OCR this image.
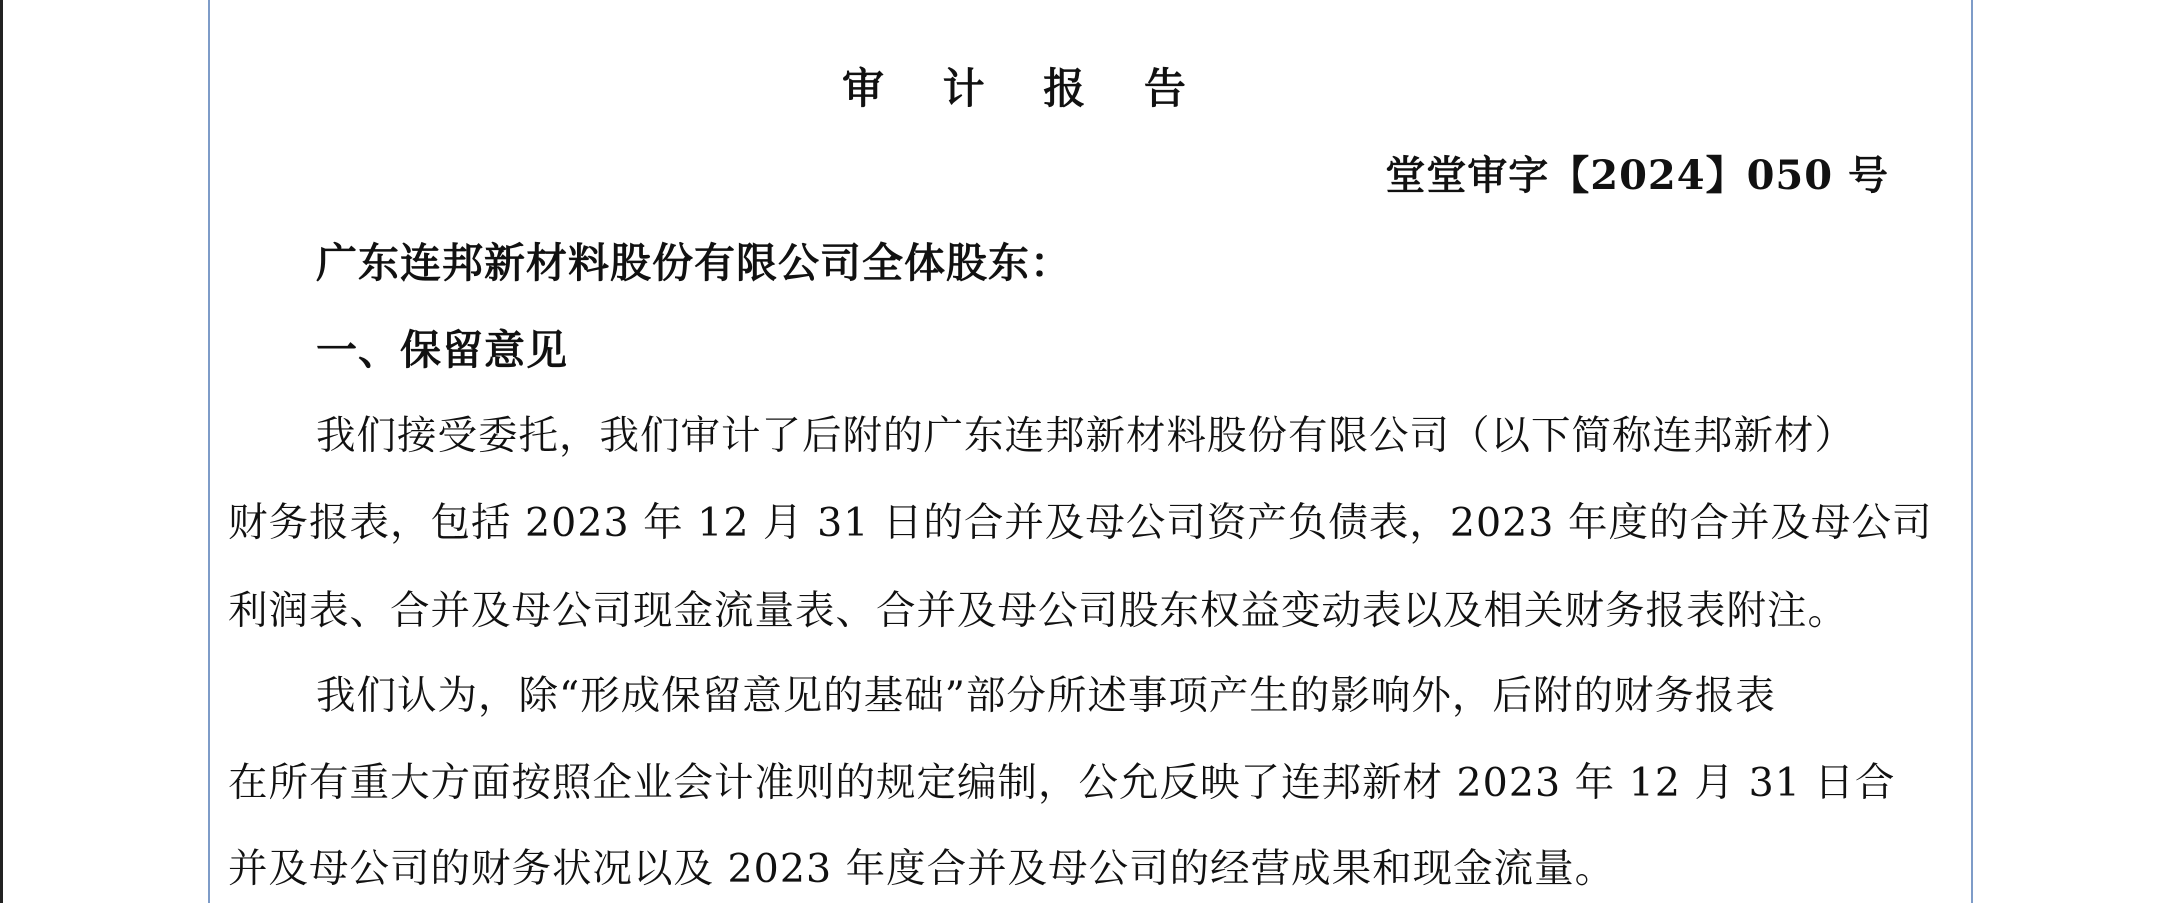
审 计 报 告

堂堂审字【2024】050 号

广东连邦新材料股份有限公司全体股东：

一、保留意见

我们接受委托，我们审计了后附的广东连邦新材料股份有限公司（以下简称连邦新材）

财务报表，包括 2023 年 12 月 31 日的合并及母公司资产负债表，2023 年度的合并及母公司

利润表、合并及母公司现金流量表、合并及母公司股东权益变动表以及相关财务报表附注。

我们认为，除“形成保留意见的基础”部分所述事项产生的影响外，后附的财务报表

在所有重大方面按照企业会计准则的规定编制，公允反映了连邦新材 2023 年 12 月 31 日合

并及母公司的财务状况以及 2023 年度合并及母公司的经营成果和现金流量。
